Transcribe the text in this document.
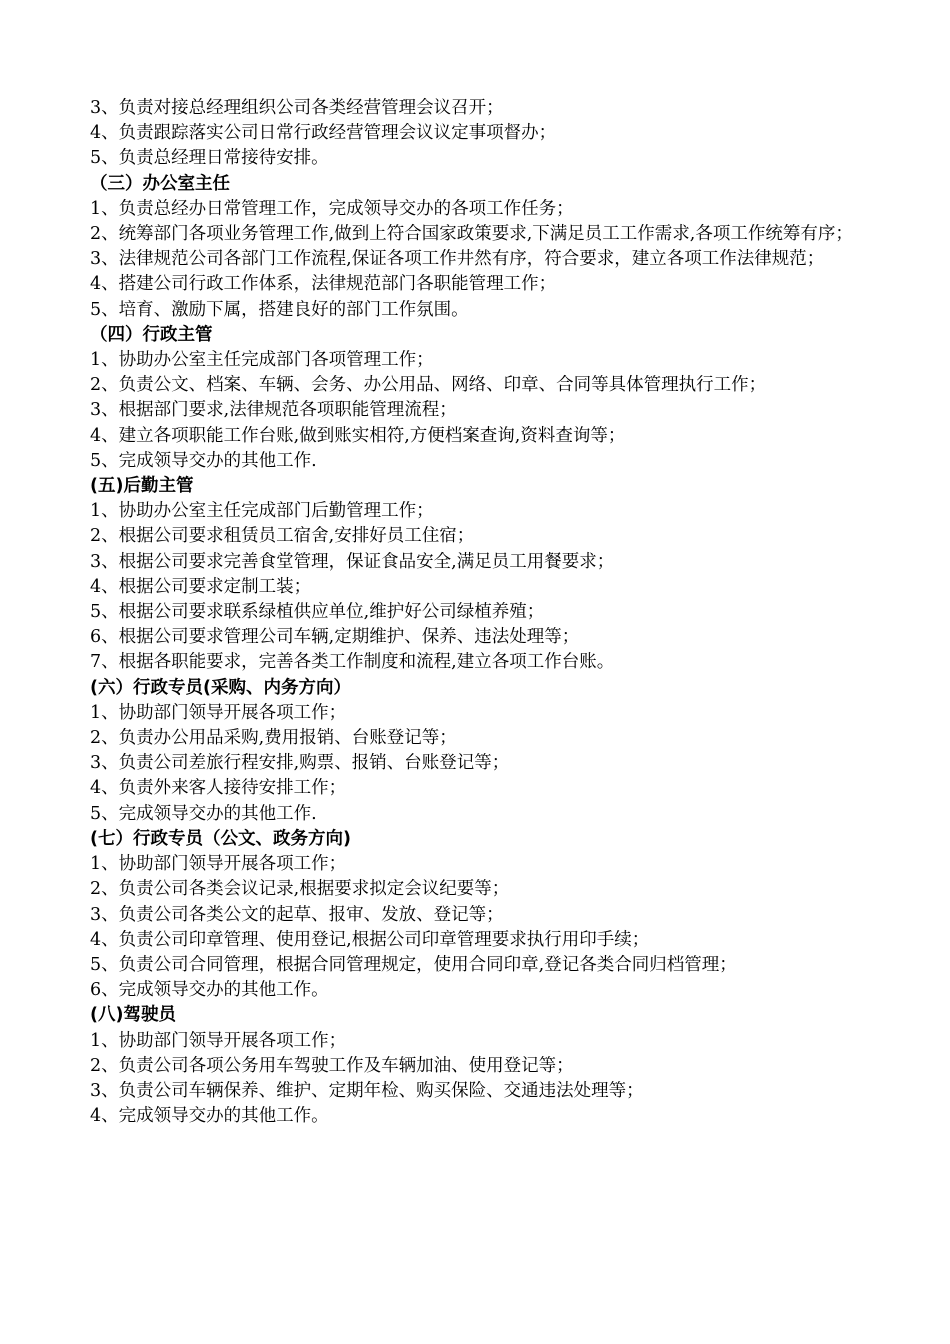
3、负责对接总经理组织公司各类经营管理会议召开；

4、负责跟踪落实公司日常行政经营管理会议议定事项督办；

5、负责总经理日常接待安排。

（三）办公室主任

1、负责总经办日常管理工作，完成领导交办的各项工作任务；

2、统筹部门各项业务管理工作,做到上符合国家政策要求,下满足员工工作需求,各项工作统筹有序；

3、法律规范公司各部门工作流程,保证各项工作井然有序，符合要求，建立各项工作法律规范；

4、搭建公司行政工作体系，法律规范部门各职能管理工作；

5、培育、激励下属，搭建良好的部门工作氛围。

（四）行政主管

1、协助办公室主任完成部门各项管理工作；

2、负责公文、档案、车辆、会务、办公用品、网络、印章、合同等具体管理执行工作；

3、根据部门要求,法律规范各项职能管理流程；

4、建立各项职能工作台账,做到账实相符,方便档案查询,资料查询等；

5、完成领导交办的其他工作.

(五)后勤主管

1、协助办公室主任完成部门后勤管理工作；

2、根据公司要求租赁员工宿舍,安排好员工住宿；

3、根据公司要求完善食堂管理，保证食品安全,满足员工用餐要求；

4、根据公司要求定制工装；

5、根据公司要求联系绿植供应单位,维护好公司绿植养殖；

6、根据公司要求管理公司车辆,定期维护、保养、违法处理等；

7、根据各职能要求，完善各类工作制度和流程,建立各项工作台账。

(六）行政专员(采购、内务方向）

1、协助部门领导开展各项工作；

2、负责办公用品采购,费用报销、台账登记等；

3、负责公司差旅行程安排,购票、报销、台账登记等；

4、负责外来客人接待安排工作；

5、完成领导交办的其他工作.

(七）行政专员（公文、政务方向)

1、协助部门领导开展各项工作；

2、负责公司各类会议记录,根据要求拟定会议纪要等；

3、负责公司各类公文的起草、报审、发放、登记等；

4、负责公司印章管理、使用登记,根据公司印章管理要求执行用印手续；

5、负责公司合同管理，根据合同管理规定，使用合同印章,登记各类合同归档管理；

6、完成领导交办的其他工作。

(八)驾驶员

1、协助部门领导开展各项工作；

2、负责公司各项公务用车驾驶工作及车辆加油、使用登记等；

3、负责公司车辆保养、维护、定期年检、购买保险、交通违法处理等；

4、完成领导交办的其他工作。
